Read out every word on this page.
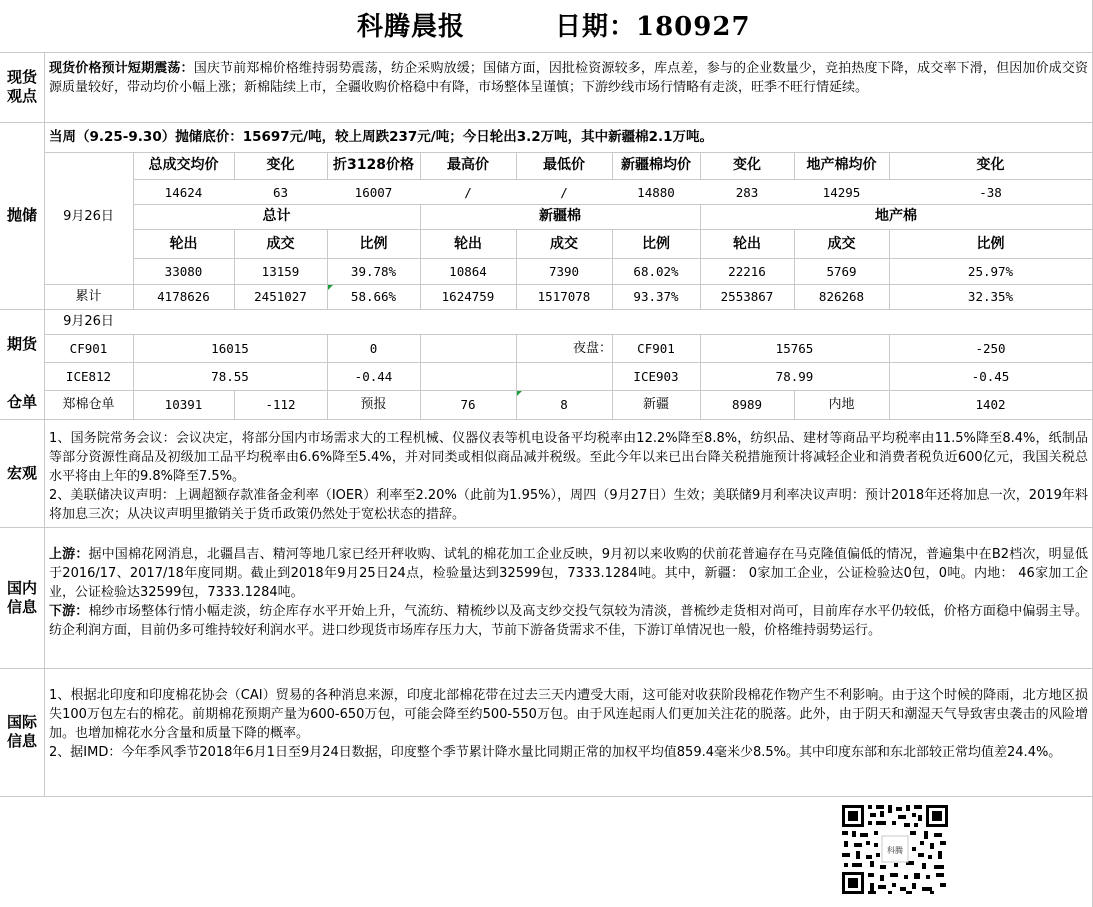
科腾晨报	日期：180927
现货观点
现货价格预计短期震荡：国庆节前郑棉价格维持弱势震荡，纺企采购放缓；国储方面，因批检资源较多，库点差，参与的企业数量少，竞拍热度下降，成交率下滑，但因加价成交资源质量较好，带动均价小幅上涨；新棉陆续上市，全疆收购价格稳中有降，市场整体呈谨慎；下游纱线市场行情略有走淡，旺季不旺行情延续。
抛储
当周（9.25-9.30）抛储底价：15697元/吨，较上周跌237元/吨；今日轮出3.2万吨，其中新疆棉2.1万吨。
9月26日
总成交均价	变化	折3128价格	最高价	最低价	新疆棉均价	变化	地产棉均价	变化
14624	63	16007	/	/	14880	283	14295	-38
总计	新疆棉	地产棉
轮出	成交	比例	轮出	成交	比例	轮出	成交	比例
33080	13159	39.78%	10864	7390	68.02%	22216	5769	25.97%
累计	4178626	2451027	58.66%	1624759	1517078	93.37%	2553867	826268	32.35%
期货
9月26日
CF901	16015	0	夜盘：	CF901	15765	-250
ICE812	78.55	-0.44	ICE903	78.99	-0.45
仓单	郑棉仓单	10391	-112	预报	76	8	新疆	8989	内地	1402
宏观
1、国务院常务会议：会议决定，将部分国内市场需求大的工程机械、仪器仪表等机电设备平均税率由12.2%降至8.8%，纺织品、建材等商品平均税率由11.5%降至8.4%，纸制品等部分资源性商品及初级加工品平均税率由6.6%降至5.4%，并对同类或相似商品减并税级。至此今年以来已出台降关税措施预计将减轻企业和消费者税负近600亿元，我国关税总水平将由上年的9.8%降至7.5%。
2、美联储决议声明：上调超额存款准备金利率（IOER）利率至2.20%（此前为1.95%），周四（9月27日）生效；美联储9月利率决议声明：预计2018年还将加息一次，2019年料将加息三次；从决议声明里撤销关于货币政策仍然处于宽松状态的措辞。
国内信息
上游：据中国棉花网消息，北疆昌吉、精河等地几家已经开秤收购、试轧的棉花加工企业反映，9月初以来收购的伏前花普遍存在马克隆值偏低的情况，普遍集中在B2档次，明显低于2016/17、2017/18年度同期。截止到2018年9月25日24点，检验量达到32599包，7333.1284吨。其中，新疆： 0家加工企业，公证检验达0包，0吨。内地： 46家加工企业，公证检验达32599包，7333.1284吨。
下游：棉纱市场整体行情小幅走淡，纺企库存水平开始上升，气流纺、精梳纱以及高支纱交投气氛较为清淡，普梳纱走货相对尚可，目前库存水平仍较低，价格方面稳中偏弱主导。纺企利润方面，目前仍多可维持较好利润水平。进口纱现货市场库存压力大，节前下游备货需求不佳，下游订单情况也一般，价格维持弱势运行。
国际信息
1、根据北印度和印度棉花协会（CAI）贸易的各种消息来源，印度北部棉花带在过去三天内遭受大雨，这可能对收获阶段棉花作物产生不利影响。由于这个时候的降雨，北方地区损失100万包左右的棉花。前期棉花预期产量为600-650万包，可能会降至约500-550万包。由于风连起雨人们更加关注花的脱落。此外，由于阴天和潮湿天气导致害虫袭击的风险增加。也增加棉花水分含量和质量下降的概率。
2、据IMD：今年季风季节2018年6月1日至9月24日数据，印度整个季节累计降水量比同期正常的加权平均值859.4毫米少8.5%。其中印度东部和东北部较正常均值差24.4%。
科腾
